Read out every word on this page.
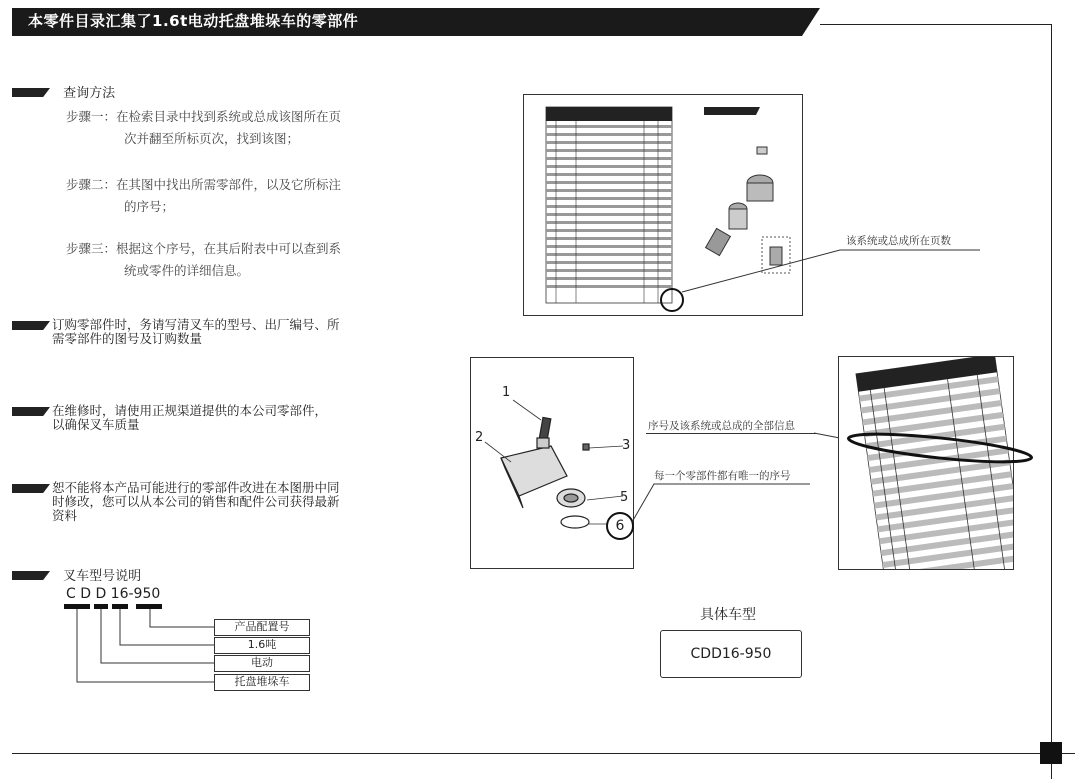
本零件目录汇集了1.6t电动托盘堆垛车的零部件
查询方法
步骤一：在检索目录中找到系统或总成该图所在页
次并翻至所标页次，找到该图；
步骤二：在其图中找出所需零部件，以及它所标注
的序号；
步骤三：根据这个序号，在其后附表中可以查到系
统或零件的详细信息。
订购零部件时，务请写清叉车的型号、出厂编号、所
需零部件的图号及订购数量
在维修时，请使用正规渠道提供的本公司零部件，
以确保叉车质量
恕不能将本产品可能进行的零部件改进在本图册中同
时修改，您可以从本公司的销售和配件公司获得最新
资料
叉车型号说明
C D D 16-950
产品配置号
1.6吨
电动
托盘堆垛车
该系统或总成所在页数
1
2
3
5
6
序号及该系统或总成的全部信息
每一个零部件都有唯一的序号
具体车型
CDD16-950
